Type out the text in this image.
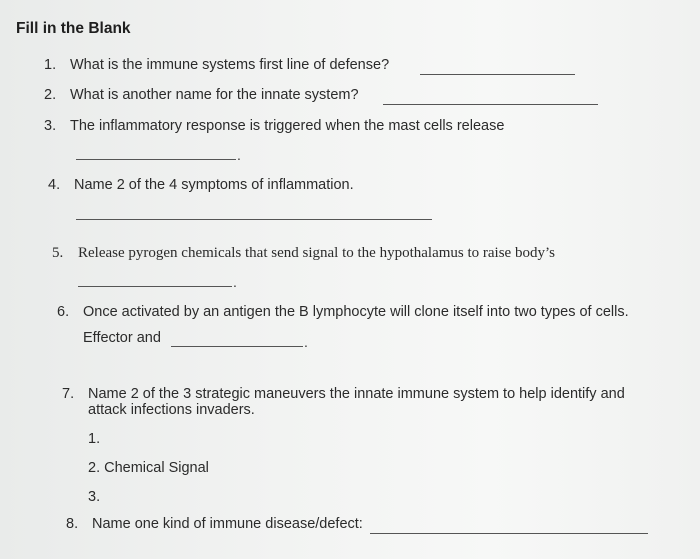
Fill in the Blank
1. What is the immune systems first line of defense?
2. What is another name for the innate system?
3. The inflammatory response is triggered when the mast cells release
.
4. Name 2 of the 4 symptoms of inflammation.
5. Release pyrogen chemicals that send signal to the hypothalamus to raise body’s
.
6. Once activated by an antigen the B lymphocyte will clone itself into two types of cells.
Effector and	.
7. Name 2 of the 3 strategic maneuvers the innate immune system to help identify and
attack infections invaders.
1.
2. Chemical Signal
3.
8. Name one kind of immune disease/defect:
